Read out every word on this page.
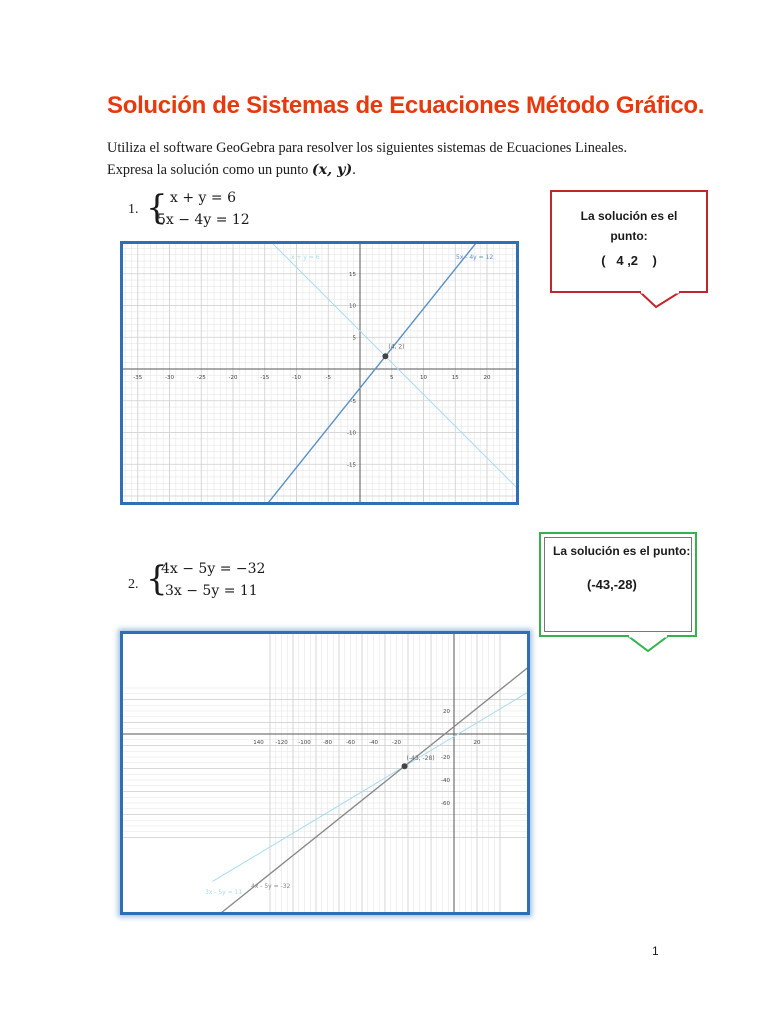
Solución de Sistemas de Ecuaciones Método Gráfico.

Utiliza el software GeoGebra para resolver los siguientes sistemas de Ecuaciones Lineales.

Expresa la solución como un punto (x, y).

1. { x + y = 6
5x − 4y = 12	La solución es el punto:
(   4 ,2    )
-35	-30	-25	-20	-15	-10	-5	5	10	15	20
15
10
5
-5
-10
-15
x + y = 6	5x - 4y = 12
(4, 2)
2. {
4x − 5y = −32
3x − 5y = 11
La solución es el punto:
(-43,-28)
140 -120 -100 -80	-60	-40	-20	20
20
-20
-40
-60
3x - 5y = 11
4x - 5y = -32
(-43, -28)
1
